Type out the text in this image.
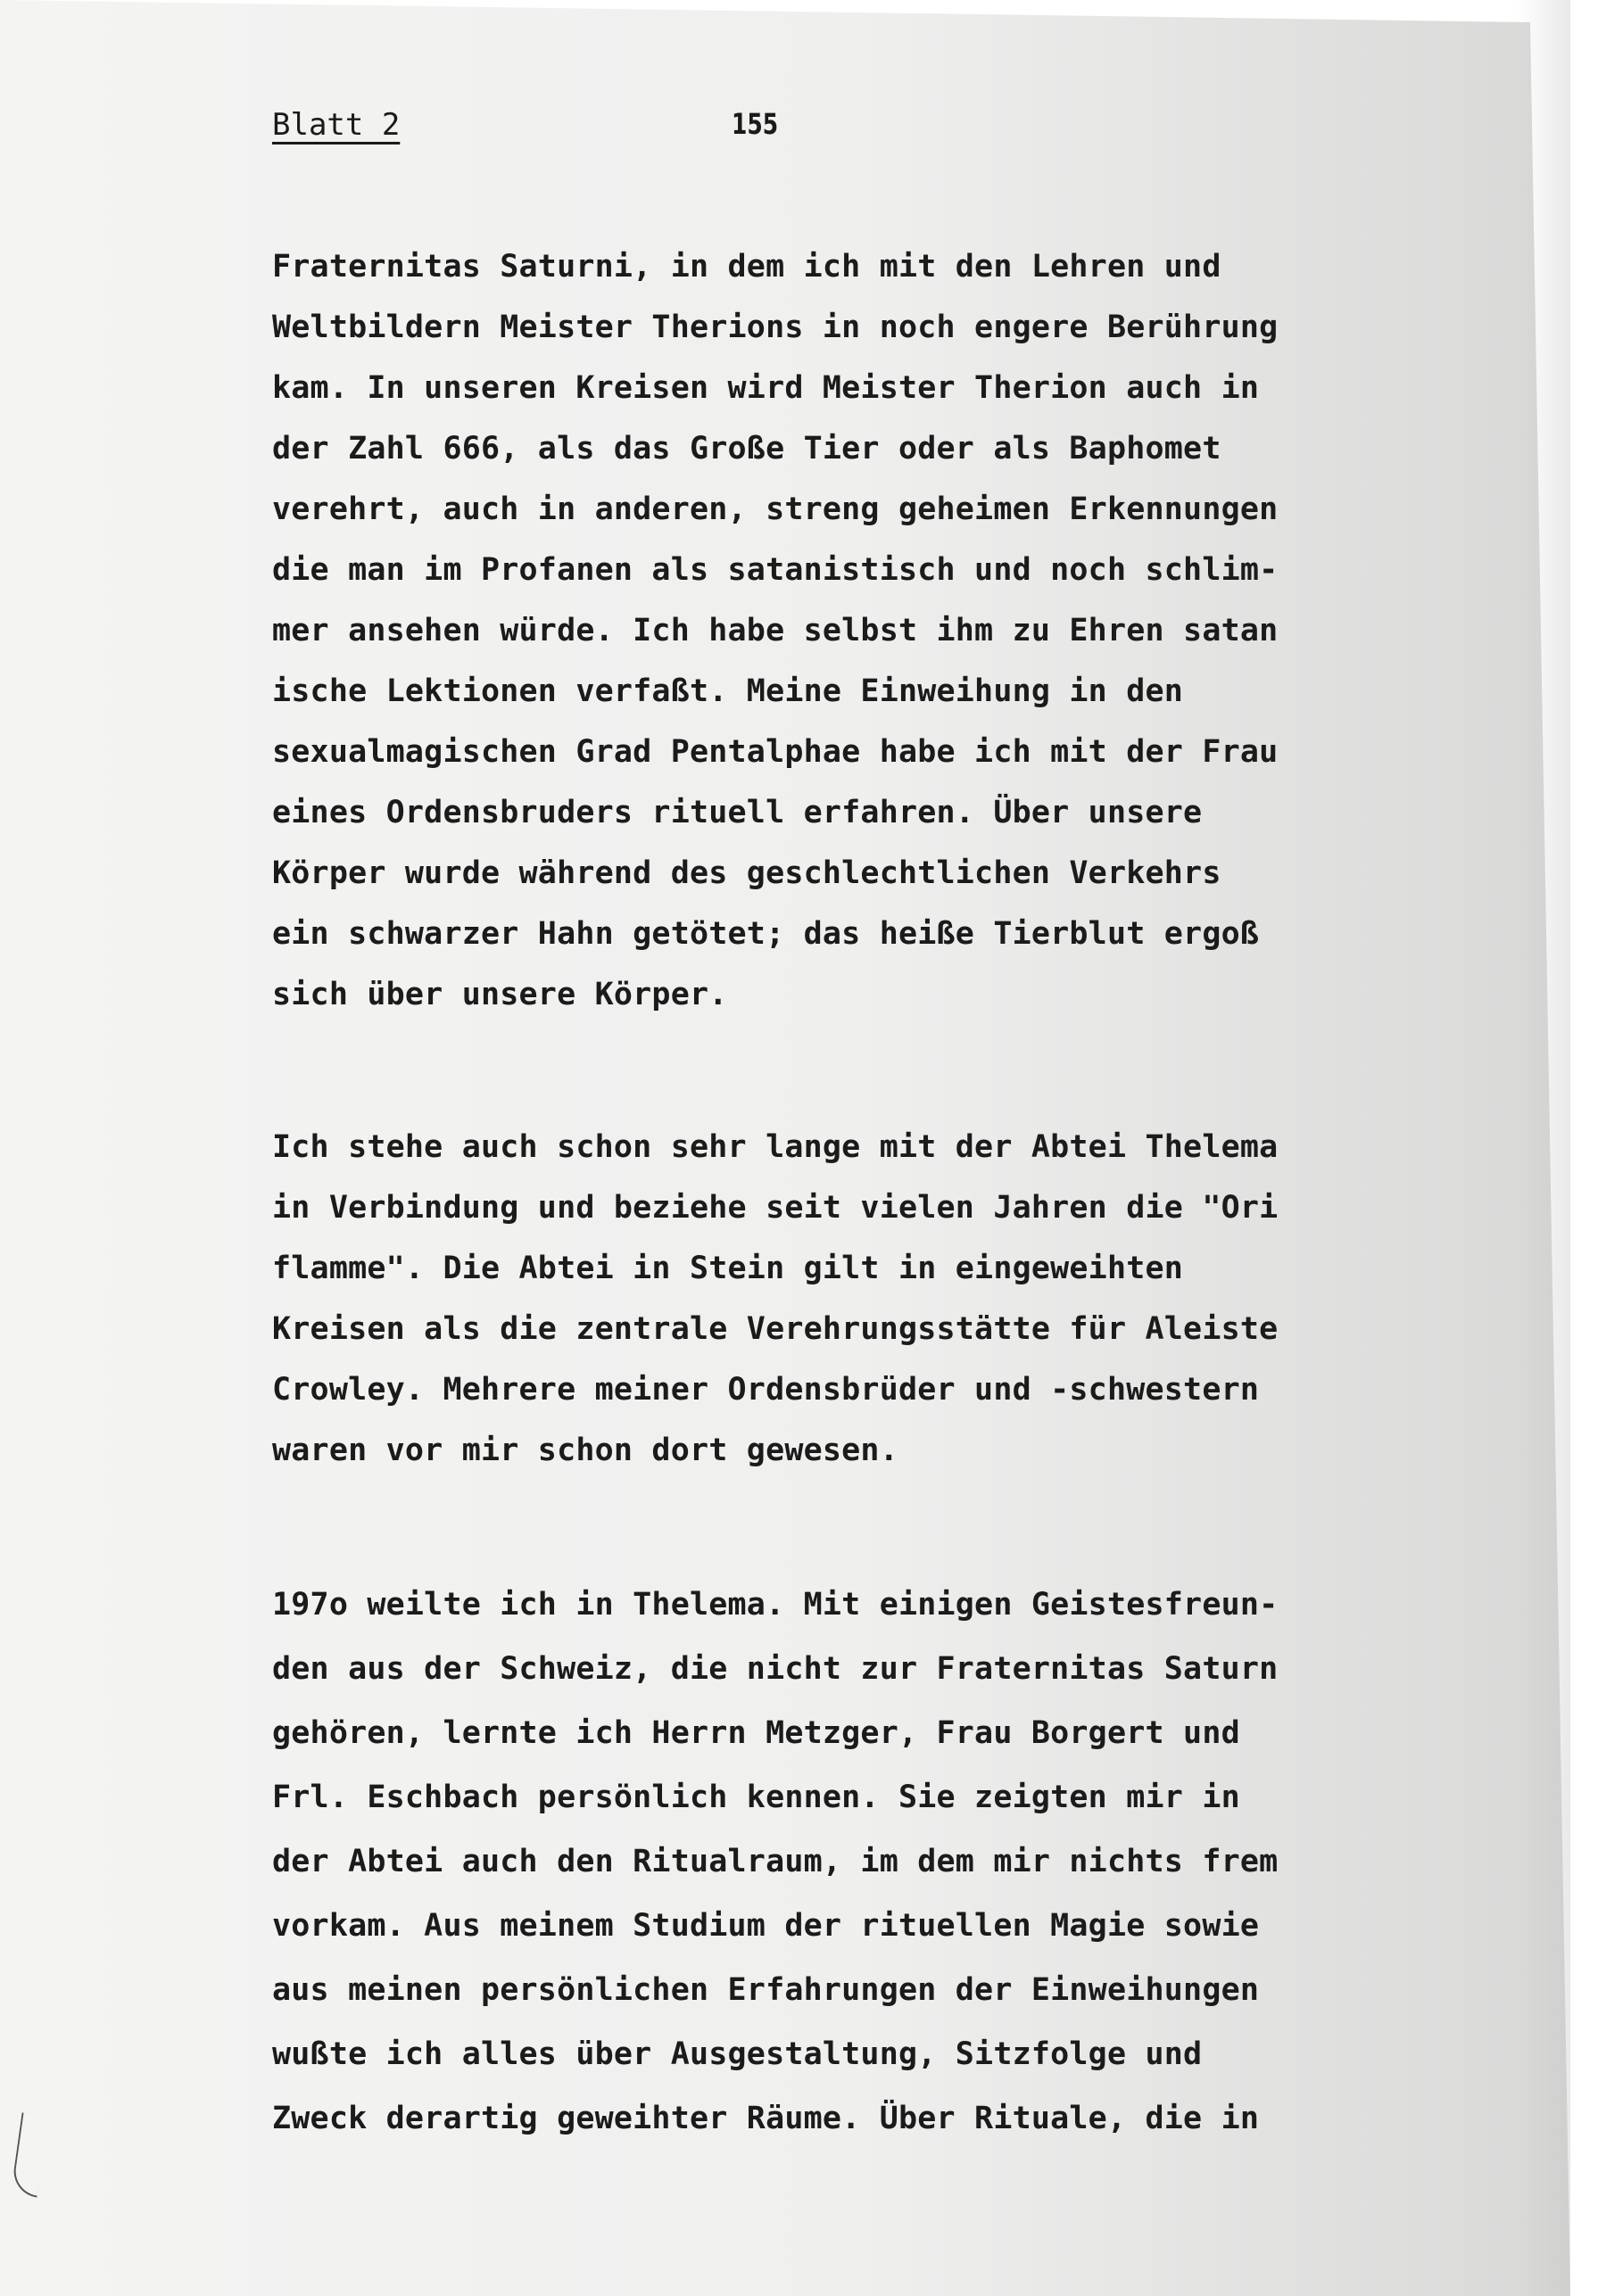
Blatt 2	155

Fraternitas Saturni, in dem ich mit den Lehren und
Weltbildern Meister Therions in noch engere Berührung
kam. In unseren Kreisen wird Meister Therion auch in
der Zahl 666, als das Große Tier oder als Baphomet
verehrt, auch in anderen, streng geheimen Erkennungen
die man im Profanen als satanistisch und noch schlim-
mer ansehen würde. Ich habe selbst ihm zu Ehren satan
ische Lektionen verfaßt. Meine Einweihung in den
sexualmagischen Grad Pentalphae habe ich mit der Frau
eines Ordensbruders rituell erfahren. Über unsere
Körper wurde während des geschlechtlichen Verkehrs
ein schwarzer Hahn getötet; das heiße Tierblut ergoß
sich über unsere Körper.

Ich stehe auch schon sehr lange mit der Abtei Thelema
in Verbindung und beziehe seit vielen Jahren die "Ori
flamme". Die Abtei in Stein gilt in eingeweihten
Kreisen als die zentrale Verehrungsstätte für Aleiste
Crowley. Mehrere meiner Ordensbrüder und -schwestern
waren vor mir schon dort gewesen.

197o weilte ich in Thelema. Mit einigen Geistesfreun-
den aus der Schweiz, die nicht zur Fraternitas Saturn
gehören, lernte ich Herrn Metzger, Frau Borgert und
Frl. Eschbach persönlich kennen. Sie zeigten mir in
der Abtei auch den Ritualraum, im dem mir nichts frem
vorkam. Aus meinem Studium der rituellen Magie sowie
aus meinen persönlichen Erfahrungen der Einweihungen
wußte ich alles über Ausgestaltung, Sitzfolge und
Zweck derartig geweihter Räume. Über Rituale, die in
